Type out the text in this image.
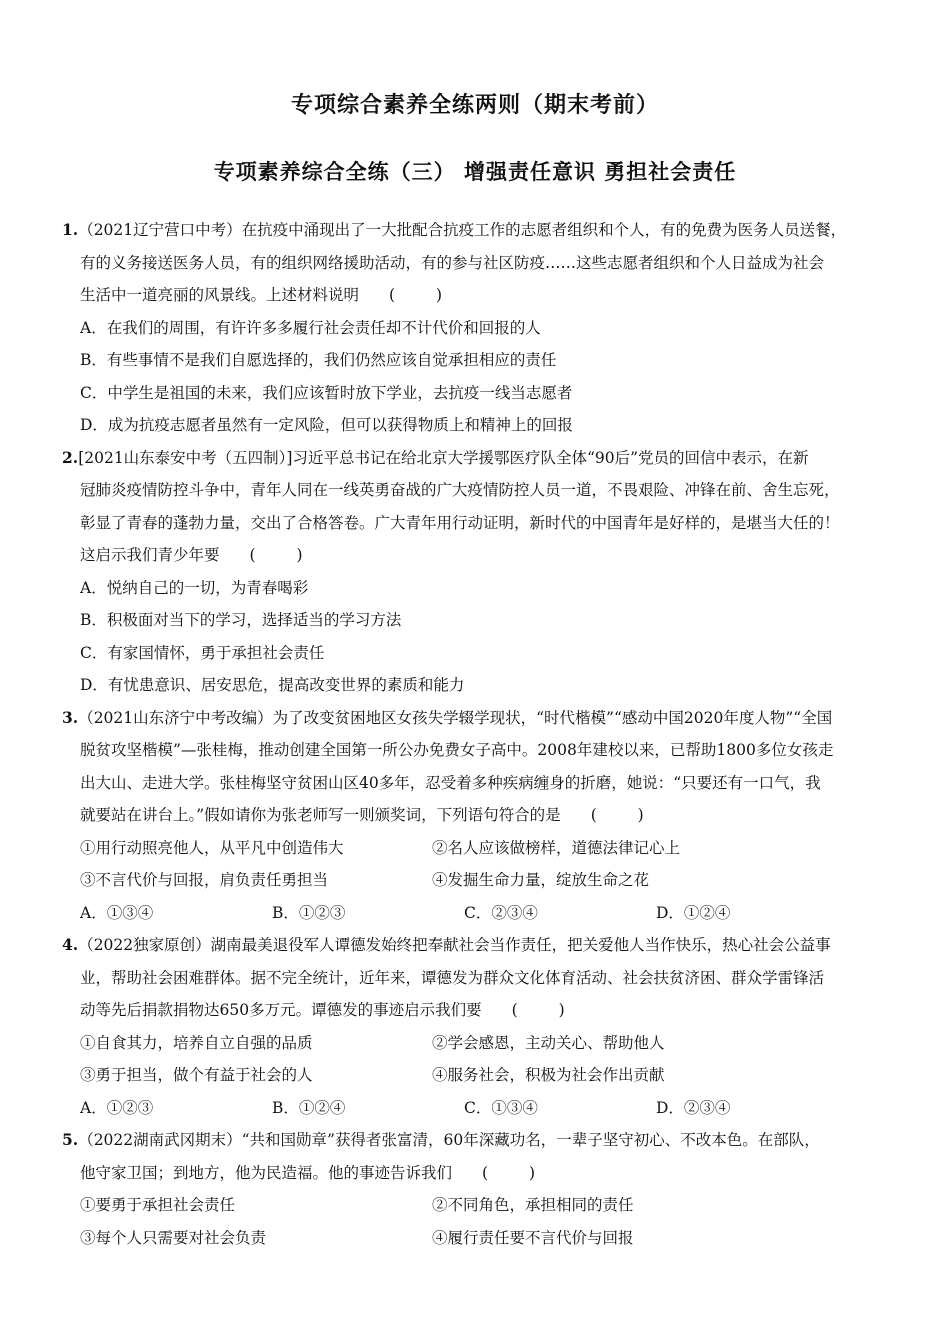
专项综合素养全练两则（期末考前）
专项素养综合全练（三） 增强责任意识 勇担社会责任
1.（2021辽宁营口中考）在抗疫中涌现出了一大批配合抗疫工作的志愿者组织和个人，有的免费为医务人员送餐，
有的义务接送医务人员，有的组织网络援助活动，有的参与社区防疫……这些志愿者组织和个人日益成为社会
生活中一道亮丽的风景线。上述材料说明 ( )
A．在我们的周围，有许许多多履行社会责任却不计代价和回报的人
B．有些事情不是我们自愿选择的，我们仍然应该自觉承担相应的责任
C．中学生是祖国的未来，我们应该暂时放下学业，去抗疫一线当志愿者
D．成为抗疫志愿者虽然有一定风险，但可以获得物质上和精神上的回报
2.[2021山东泰安中考（五四制）]习近平总书记在给北京大学援鄂医疗队全体“90后”党员的回信中表示，在新
冠肺炎疫情防控斗争中，青年人同在一线英勇奋战的广大疫情防控人员一道，不畏艰险、冲锋在前、舍生忘死，
彰显了青春的蓬勃力量，交出了合格答卷。广大青年用行动证明，新时代的中国青年是好样的，是堪当大任的！
这启示我们青少年要 ( )
A．悦纳自己的一切，为青春喝彩
B．积极面对当下的学习，选择适当的学习方法
C．有家国情怀，勇于承担社会责任
D．有忧患意识、居安思危，提高改变世界的素质和能力
3.（2021山东济宁中考改编）为了改变贫困地区女孩失学辍学现状，“时代楷模”“感动中国2020年度人物”“全国
脱贫攻坚楷模”—张桂梅，推动创建全国第一所公办免费女子高中。2008年建校以来，已帮助1800多位女孩走
出大山、走进大学。张桂梅坚守贫困山区40多年，忍受着多种疾病缠身的折磨，她说：“只要还有一口气，我
就要站在讲台上。”假如请你为张老师写一则颁奖词，下列语句符合的是 ( )
①用行动照亮他人，从平凡中创造伟大	②名人应该做榜样，道德法律记心上
③不言代价与回报，肩负责任勇担当	④发掘生命力量，绽放生命之花
A．①③④	B．①②③	C．②③④	D．①②④
4.（2022独家原创）湖南最美退役军人谭德发始终把奉献社会当作责任，把关爱他人当作快乐，热心社会公益事
业，帮助社会困难群体。据不完全统计，近年来，谭德发为群众文化体育活动、社会扶贫济困、群众学雷锋活
动等先后捐款捐物达650多万元。谭德发的事迹启示我们要 ( )
①自食其力，培养自立自强的品质	②学会感恩，主动关心、帮助他人
③勇于担当，做个有益于社会的人	④服务社会，积极为社会作出贡献
A．①②③	B．①②④	C．①③④	D．②③④
5.（2022湖南武冈期末）“共和国勋章”获得者张富清，60年深藏功名，一辈子坚守初心、不改本色。在部队，
他守家卫国；到地方，他为民造福。他的事迹告诉我们 ( )
①要勇于承担社会责任	②不同角色，承担相同的责任
③每个人只需要对社会负责	④履行责任要不言代价与回报
